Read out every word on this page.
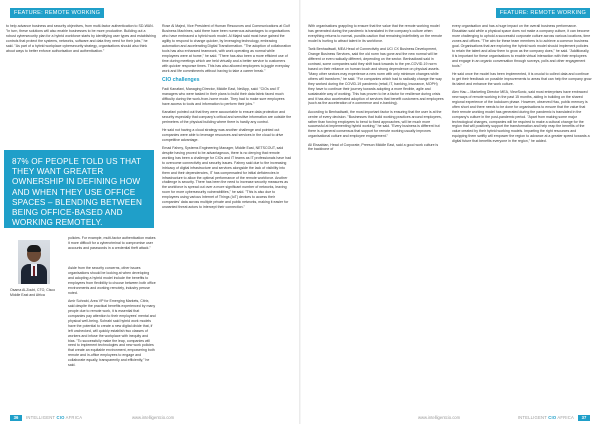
FEATURE: REMOTE WORKING	FEATURE: REMOTE WORKING

to help advance business and security objectives, from multi-factor authentication to SD-WAN. "In turn, these solutions will also enable businesses to be more productive. Building out a robust cybersecurity plan for a hybrid workforce starts by identifying user types and establishing controls that protect the systems, networks, software and data they need for their jobs," he said. "As part of a hybrid workplace cybersecurity strategy, organisations should also think about ways to better enforce authorisation and authentication."

87% OF PEOPLE TOLD US THAT THEY WANT GREATER OWNERSHIP IN DEFINING HOW AND WHEN THEY USE OFFICE SPACES – BLENDING BETWEEN BEING OFFICE-BASED AND WORKING REMOTELY.
Osama Al-Zoubi, CTO, Cisco Middle East and Africa

policies. For example, multi-factor authentication makes it more difficult for a cybercriminal to compromise user accounts and passwords in a credential theft attack."

Aside from the security concerns, other issues organisations should be looking at when developing and adopting a hybrid model include the benefits to employees from flexibility to choose between both office environments and working remotely, industry peruse noted.

Amir Sohrabi, Area VP for Emerging Markets, Citrix, said despite the practical benefits experienced by many people due to remote work, it is essential that companies pay attention to their employees' mental and physical well-being. Sohrabi said hybrid work models have the potential to create a new digital divide that, if left unchecked, will quickly establish two classes of workers and infuse the workplace with inequity and bias. "To successfully make the leap, companies will need to implement technologies and new work policies that create an equitable environment, empowering both remote and in-office employees to engage and collaborate equally, transparently and efficiently," he said.

Rose Al Majed, Vice President of Human Resources and Communications at Gulf Business Machines, said there have been numerous advantages to organisations who have embraced a hybrid work model. Al Majed said most have gained the agility to respond to change quicker, by leveraging technology, embracing automation and accelerating Digital Transformation. "The adoption of collaboration tools has also enhanced teamwork, with work operating as normal while employees were at home," he said. "There has also been a more efficient use of time during meetings which are held virtually and a better service to customers with quicker response times. This has also allowed employees to juggle everyday work and life commitments without having to take a career break."

CIO challenges

Fadi Kanafani, Managing Director, Middle East, NetApp, said: "CIOs and IT managers who were tasked in their plans to build their data fabric faced much difficulty during the work-from-home mode. They had to make sure employees have access to tools and information to perform their jobs."

Kanafani pointed out that they were accountable to ensure data protection and security especially that company's critical and sensitive information are outside the perimeters of the physical building where there is hardly any control.

He said not having a cloud strategy was another challenge and pointed out companies were able to leverage resources and services in the cloud to drive competitive advantage.

Emad Fahmy, Systems Engineering Manager, Middle East, NETSCOUT, said despite having proved to be advantageous, there is no denying that remote working has been a challenge for CIOs and IT teams as IT professionals have had to overcome connectivity and security issues. Fahmy said due to the increasing intricacy of digital infrastructure and services alongside the lack of visibility into them and their dependencies, IT has compensated for initial deficiencies in infrastructure to allow the optimal performance of the remote workforce. Another challenge is security. There has been the need to increase security measures as the workforce is spread out over a more significant number of networks, leaving room for more cybersecurity vulnerabilities," he said. "This is also due to employees using various Internet of Things (IoT) devices to access their companies' data across multiple private and public networks, making it easier for unwanted threat actors to intercept their connection."

With organisations grappling to ensure that the value that the remote working model has generated during the pandemic is translated in the company's culture when everything returns to normal, pundits caution that remaining indefinitely on the remote model is hurting to attract talent in its workforce.

Tarik Benhadiwati, MEA Head of Connectivity and UC/ CX Business Development, Orange Business Services, said the old norm has gone and the new normal will be different or even radically different, depending on the sector. Benhadiwati said in contrast, some companies said they shift back towards to the pre-COVID-19 norm based on their reliance on human touch and strong dependence on physical assets. "Many other sectors may experience a new norm with only minimum changes while others will transform," he said. "For companies which had to radically change the way they worked during the COVID-19 pandemic (retail, IT, banking, insurance, MOPH) they have to continue their journey towards adopting a more flexible, agile and sustainable way of working. This has proven to be a factor for resilience during crisis and it has also accelerated adoption of services that benefit customers and employees (such as the acceleration of e-commerce and e-banking).

According to Benhadiwati, the most important factor is ensuring that the user is at the centre of every decision. "Businesses that build working practices around employees, rather than forcing employees to bend to fixed approaches, will be much more successful at implementing hybrid working," he said. "Every business is different but there is a general consensus that support for remote working usually improves organisational culture and employee engagement."

Ali Eissabian, Head of Corporate, Preeson Middle East, said a good work culture is the backbone of

every organisation and has a huge impact on the overall business performance. Eissabian said while a physical space does not make a company culture, it can become more challenging to uphold a successful corporate culture across various locations, time zones and offices. "The aim for these team members is to achieve a common business goal. Organisations that are exploring the hybrid work model should implement policies to retain the talent and allow them to grow as the company does," he said. "Additionally, it is important for these organisations to enable virtual interaction with their employees and engage in an organic conversation through surveys, polls and other engagement tools."

He said once the model has been implemented, it is crucial to collect data and continue to get their feedback on possible improvements to areas that can help the company grow its talent and enhance the work culture.

Alex Hau – Marketing Director MEA, ViewSonic, said most enterprises have embraced new ways of remote working in the past 15 months, aiding in building on the shared regional experience of the lockdown phase. However, observed Hau, public memory is often short and there needs to be done for organisations to ensure that the value that their remote working model has generated during the pandemic is translated in the company's culture in the post-pandemic period. "Apart from making some major technological changes, companies will be required to make a cultural change for the region that will positively support the transformation and help reap the benefits of the value created by their hybrid working models. Imparting the right resources and equipping them swiftly will empower the region to advance at a greater speed towards a digital future that benefits everyone in the region," he added.

36	INTELLIGENT CIO AFRICA	www.intelligentcio.com	www.intelligentcio.com	INTELLIGENT CIO AFRICA	37
